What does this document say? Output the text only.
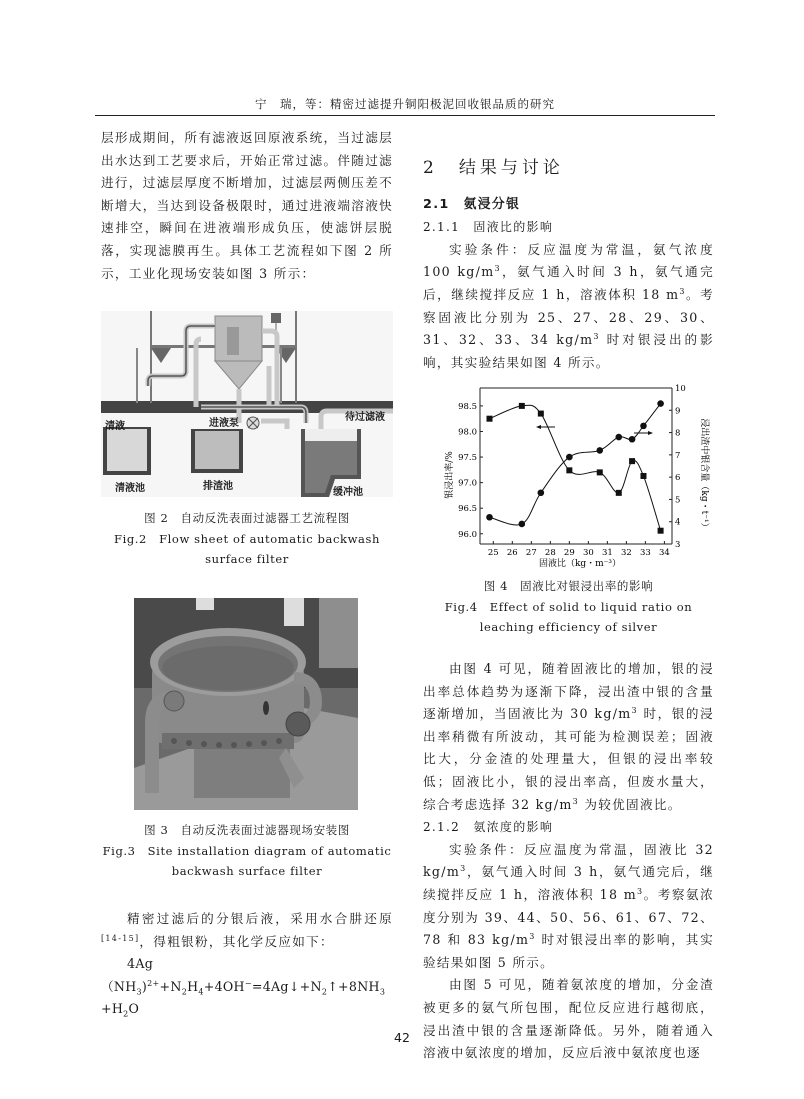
宁　瑞，等：精密过滤提升铜阳极泥回收银品质的研究

层形成期间，所有滤液返回原液系统，当过滤层出水达到工艺要求后，开始正常过滤。伴随过滤进行，过滤层厚度不断增加，过滤层两侧压差不断增大，当达到设备极限时，通过进液端溶液快速排空，瞬间在进液端形成负压，使滤饼层脱落，实现滤膜再生。具体工艺流程如下图 2 所示，工业化现场安装如图 3 所示：

清液	进液泵
待过滤液
清液池	排渣池
缓冲池
图 2　自动反洗表面过滤器工艺流程图
Fig.2　Flow sheet of automatic backwash surface filter
图 3　自动反洗表面过滤器现场安装图
Fig.3　Site installation diagram of automatic backwash surface filter

精密过滤后的分银后液，采用水合肼还原[14-15]，得粗银粉，其化学反应如下：

$4Ag(NH_3)^{2+}+N_2H_4+4OH^-=4Ag↓+N_2↑+8NH_3$
$+H_2O$

2　结果与讨论

2.1　氨浸分银

2.1.1　固液比的影响

实验条件：反应温度为常温，氨气浓度 100 $kg/m^3$，氨气通入时间 3 h，氨气通完后，继续搅拌反应 1 h，溶液体积 18 $m^3$。考察固液比分别为 25、27、28、29、30、31、32、33、34 $kg/m^3$ 时对银浸出的影响，其实验结果如图 4 所示。

25 26 27 28 29 30 31 32 33 34
96.0
96.5
97.0
97.5
98.0
98.5
3
4
5
6
7
8
9
10
银浸出率/%	浸出渣中银含量（kg・t⁻¹）
固液比（kg・m⁻³）
图 4　固液比对银浸出率的影响
Fig.4　Effect of solid to liquid ratio on leaching efficiency of silver

由图 4 可见，随着固液比的增加，银的浸出率总体趋势为逐渐下降，浸出渣中银的含量逐渐增加，当固液比为 30 $kg/m^3$ 时，银的浸出率稍微有所波动，其可能为检测误差；固液比大，分金渣的处理量大，但银的浸出率较低；固液比小，银的浸出率高，但废水量大，综合考虑选择 32 $kg/m^3$ 为较优固液比。

2.1.2　氨浓度的影响

实验条件：反应温度为常温，固液比 32 $kg/m^3$，氨气通入时间 3 h，氨气通完后，继续搅拌反应 1 h，溶液体积 18 $m^3$。考察氨浓度分别为 39、44、50、56、61、67、72、78 和 83 $kg/m^3$ 时对银浸出率的影响，其实验结果如图 5 所示。

由图 5 可见，随着氨浓度的增加，分金渣被更多的氨气所包围，配位反应进行越彻底，浸出渣中银的含量逐渐降低。另外，随着通入溶液中氨浓度的增加，反应后液中氨浓度也逐

42
